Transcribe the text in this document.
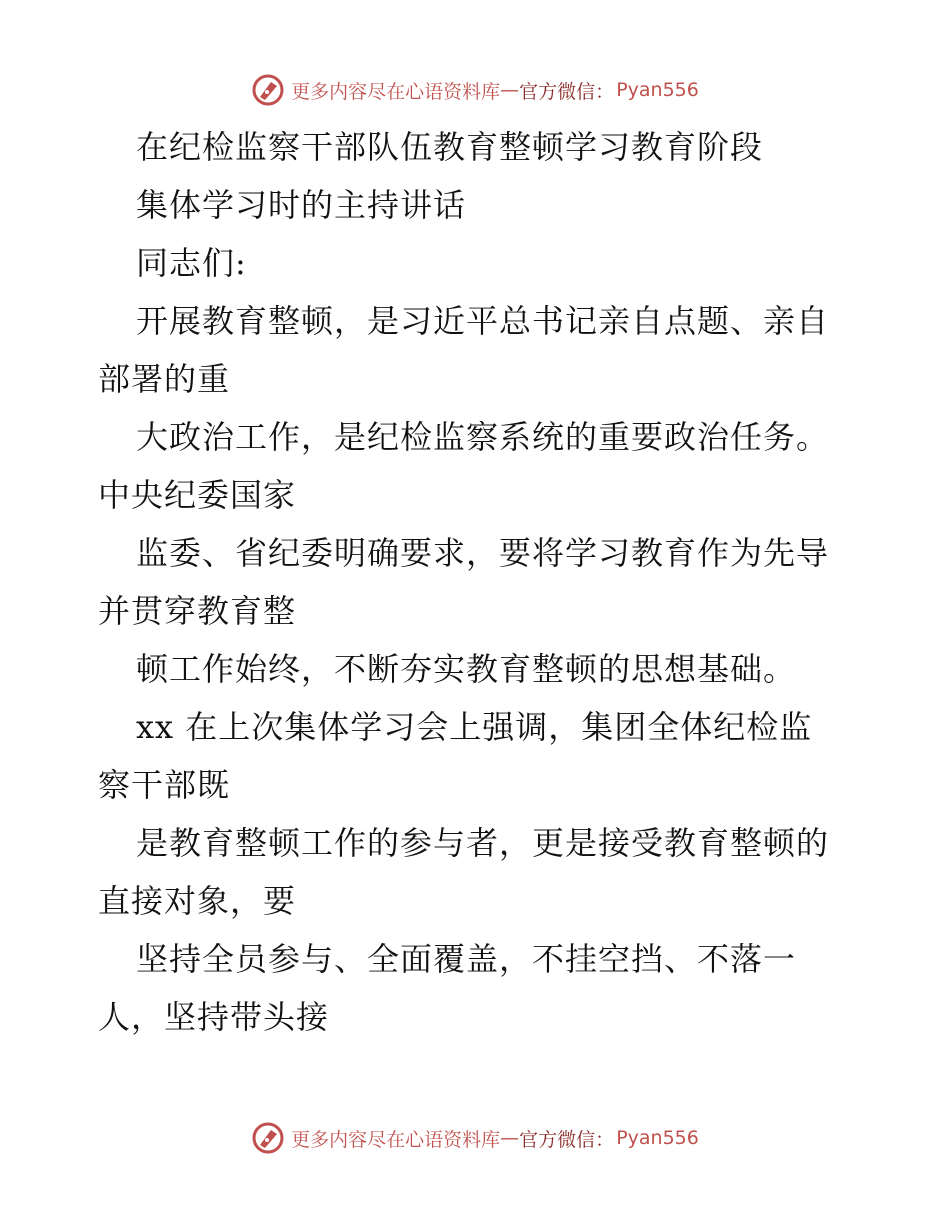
更多内容尽在心语资料库 — 官方微信： Pyan556
在纪检监察干部队伍教育整顿学习教育阶段
集体学习时的主持讲话
同志们:
开展教育整顿，是习近平总书记亲自点题、亲自
部署的重
大政治工作，是纪检监察系统的重要政治任务。
中央纪委国家
监委、省纪委明确要求，要将学习教育作为先导
并贯穿教育整
顿工作始终，不断夯实教育整顿的思想基础。
xx 在上次集体学习会上强调，集团全体纪检监
察干部既
是教育整顿工作的参与者，更是接受教育整顿的
直接对象，要
坚持全员参与、全面覆盖，不挂空挡、不落一
人，坚持带头接
更多内容尽在心语资料库 — 官方微信： Pyan556
